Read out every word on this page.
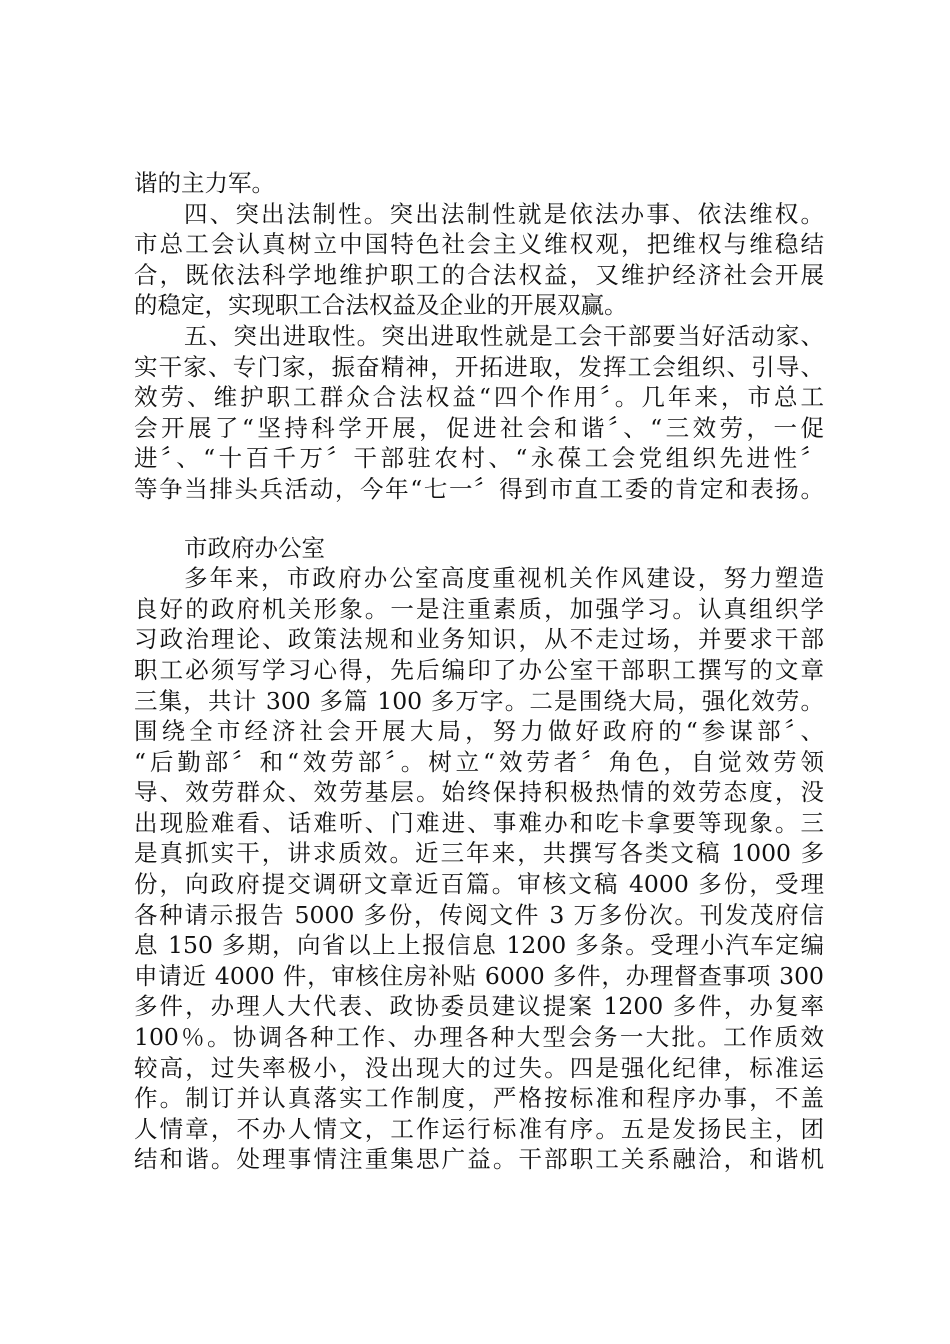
谐的主力军。
四、突出法制性。突出法制性就是依法办事、依法维权。
市总工会认真树立中国特色社会主义维权观，把维权与维稳结
合，既依法科学地维护职工的合法权益，又维护经济社会开展
的稳定，实现职工合法权益及企业的开展双赢。
五、突出进取性。突出进取性就是工会干部要当好活动家、
实干家、专门家，振奋精神，开拓进取，发挥工会组织、引导、
效劳、维护职工群众合法权益“四个作用〞。几年来，市总工
会开展了“坚持科学开展，促进社会和谐〞、“三效劳，一促
进〞、“十百千万〞干部驻农村、“永葆工会党组织先进性〞
等争当排头兵活动，今年“七一〞得到市直工委的肯定和表扬。
市政府办公室
多年来，市政府办公室高度重视机关作风建设，努力塑造
良好的政府机关形象。一是注重素质，加强学习。认真组织学
习政治理论、政策法规和业务知识，从不走过场，并要求干部
职工必须写学习心得，先后编印了办公室干部职工撰写的文章
三集，共计 300 多篇 100 多万字。二是围绕大局，强化效劳。
围绕全市经济社会开展大局，努力做好政府的“参谋部〞、
“后勤部〞和“效劳部〞。树立“效劳者〞角色，自觉效劳领
导、效劳群众、效劳基层。始终保持积极热情的效劳态度，没
出现脸难看、话难听、门难进、事难办和吃卡拿要等现象。三
是真抓实干，讲求质效。近三年来，共撰写各类文稿 1000 多
份，向政府提交调研文章近百篇。审核文稿 4000 多份，受理
各种请示报告 5000 多份，传阅文件 3 万多份次。刊发茂府信
息 150 多期，向省以上上报信息 1200 多条。受理小汽车定编
申请近 4000 件，审核住房补贴 6000 多件，办理督查事项 300
多件，办理人大代表、政协委员建议提案 1200 多件，办复率
100％。协调各种工作、办理各种大型会务一大批。工作质效
较高，过失率极小，没出现大的过失。四是强化纪律，标准运
作。制订并认真落实工作制度，严格按标准和程序办事，不盖
人情章，不办人情文，工作运行标准有序。五是发扬民主，团
结和谐。处理事情注重集思广益。干部职工关系融洽，和谐机
